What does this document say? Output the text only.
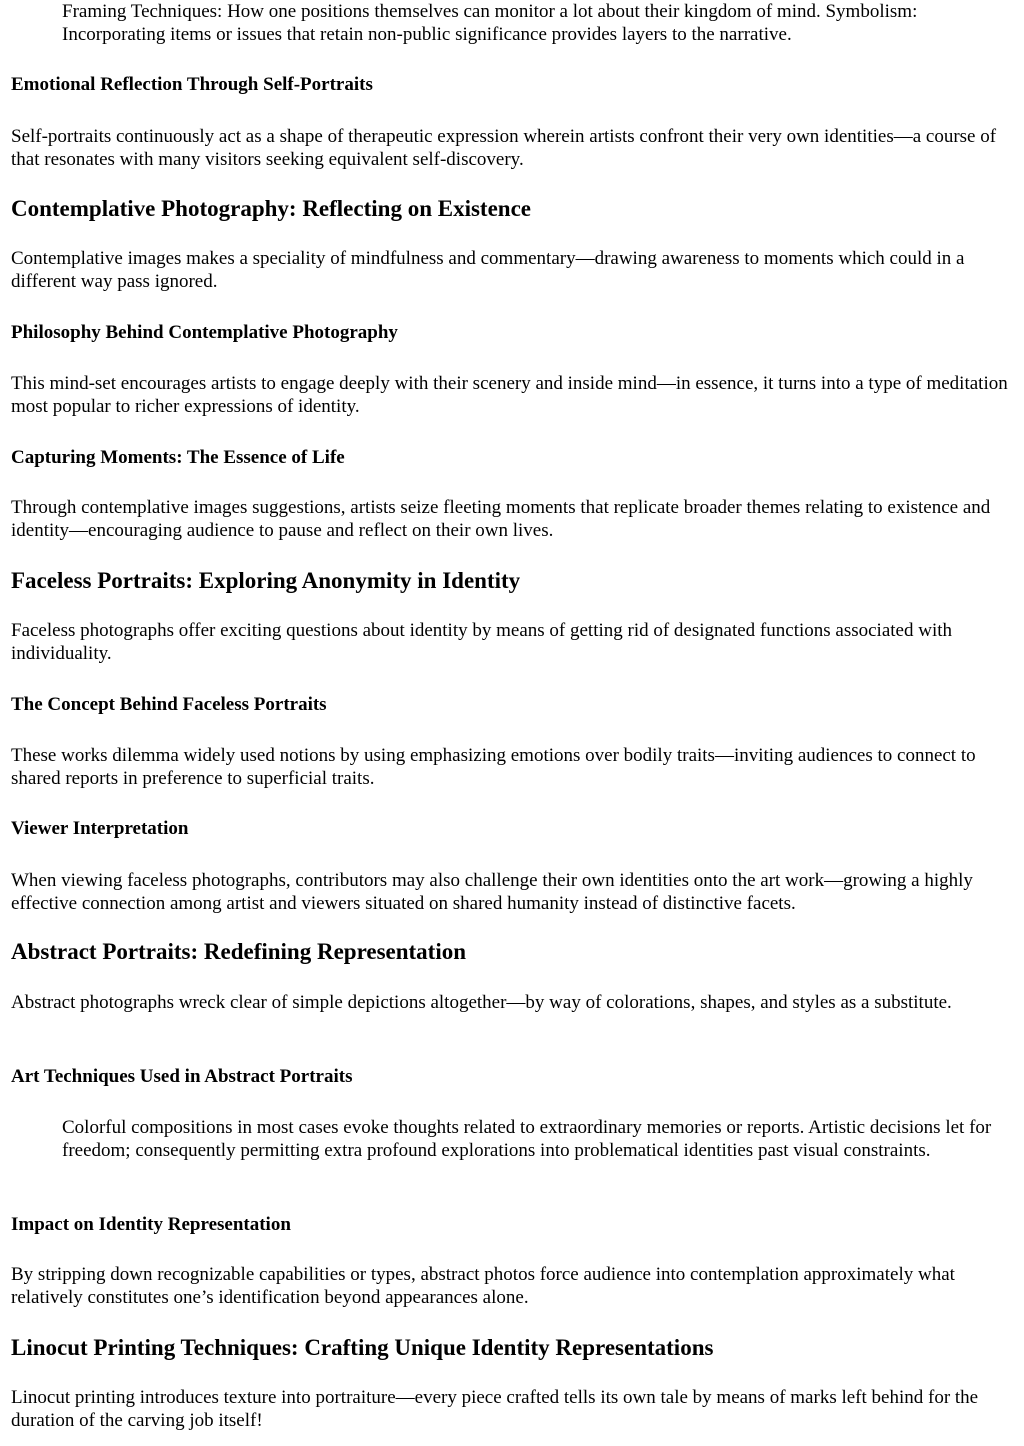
Framing Techniques: How one positions themselves can monitor a lot about their kingdom of mind. Symbolism: Incorporating items or issues that retain non-public significance provides layers to the narrative.

Emotional Reflection Through Self-Portraits

Self-portraits continuously act as a shape of therapeutic expression wherein artists confront their very own identities—a course of that resonates with many visitors seeking equivalent self-discovery.

Contemplative Photography: Reflecting on Existence

Contemplative images makes a speciality of mindfulness and commentary—drawing awareness to moments which could in a different way pass ignored.

Philosophy Behind Contemplative Photography

This mind-set encourages artists to engage deeply with their scenery and inside mind—in essence, it turns into a type of meditation most popular to richer expressions of identity.

Capturing Moments: The Essence of Life

Through contemplative images suggestions, artists seize fleeting moments that replicate broader themes relating to existence and identity—encouraging audience to pause and reflect on their own lives.

Faceless Portraits: Exploring Anonymity in Identity

Faceless photographs offer exciting questions about identity by means of getting rid of designated functions associated with individuality.

The Concept Behind Faceless Portraits

These works dilemma widely used notions by using emphasizing emotions over bodily traits—inviting audiences to connect to shared reports in preference to superficial traits.

Viewer Interpretation

When viewing faceless photographs, contributors may also challenge their own identities onto the art work—growing a highly effective connection among artist and viewers situated on shared humanity instead of distinctive facets.

Abstract Portraits: Redefining Representation

Abstract photographs wreck clear of simple depictions altogether—by way of colorations, shapes, and styles as a substitute.

Art Techniques Used in Abstract Portraits

Colorful compositions in most cases evoke thoughts related to extraordinary memories or reports. Artistic decisions let for freedom; consequently permitting extra profound explorations into problematical identities past visual constraints.

Impact on Identity Representation

By stripping down recognizable capabilities or types, abstract photos force audience into contemplation approximately what relatively constitutes one’s identification beyond appearances alone.

Linocut Printing Techniques: Crafting Unique Identity Representations

Linocut printing introduces texture into portraiture—every piece crafted tells its own tale by means of marks left behind for the duration of the carving job itself!
